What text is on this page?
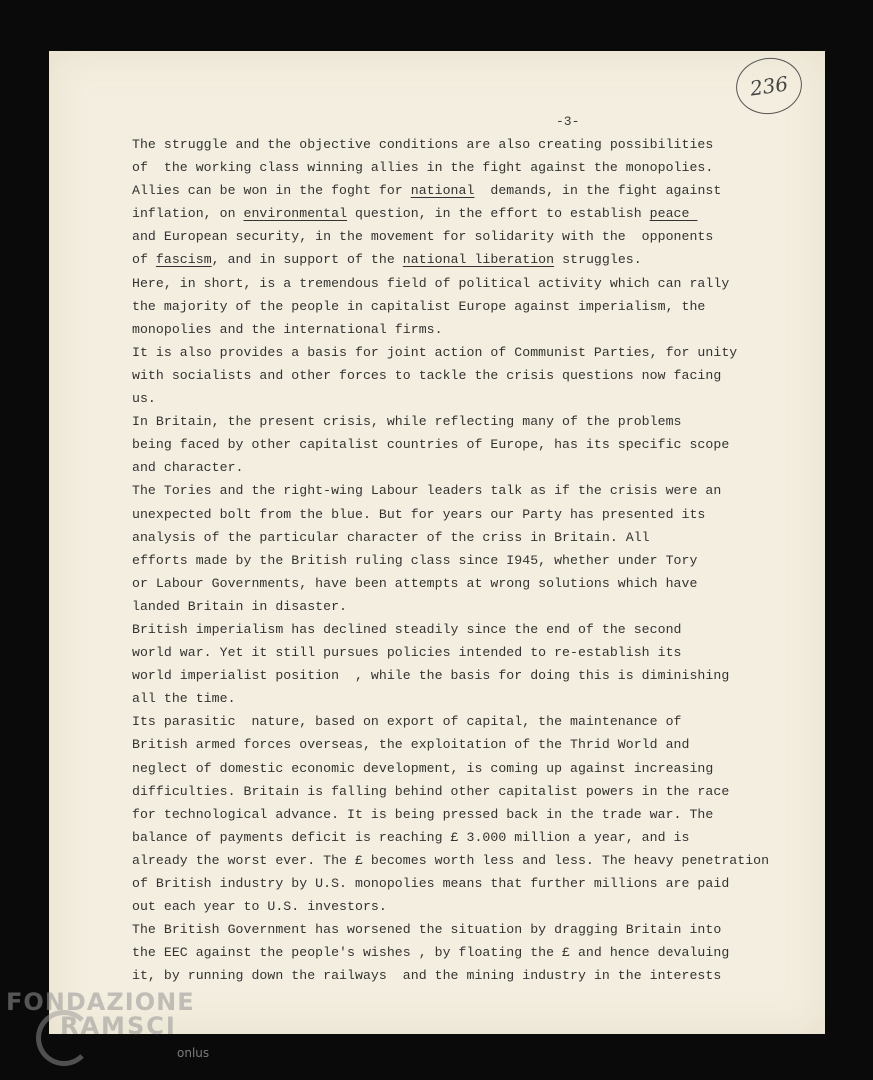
236
-3-
The struggle and the objective conditions are also creating possibilities
of  the working class winning allies in the fight against the monopolies.
Allies can be won in the foght for national  demands, in the fight against
inflation, on environmental question, in the effort to establish peace
and European security, in the movement for solidarity with the  opponents
of fascism, and in support of the national liberation struggles.
Here, in short, is a tremendous field of political activity which can rally
the majority of the people in capitalist Europe against imperialism, the
monopolies and the international firms.
It is also provides a basis for joint action of Communist Parties, for unity
with socialists and other forces to tackle the crisis questions now facing
us.
In Britain, the present crisis, while reflecting many of the problems
being faced by other capitalist countries of Europe, has its specific scope
and character.
The Tories and the right-wing Labour leaders talk as if the crisis were an
unexpected bolt from the blue. But for years our Party has presented its
analysis of the particular character of the criss in Britain. All
efforts made by the British ruling class since I945, whether under Tory
or Labour Governments, have been attempts at wrong solutions which have
landed Britain in disaster.
British imperialism has declined steadily since the end of the second
world war. Yet it still pursues policies intended to re-establish its
world imperialist position  , while the basis for doing this is diminishing
all the time.
Its parasitic  nature, based on export of capital, the maintenance of
British armed forces overseas, the exploitation of the Thrid World and
neglect of domestic economic development, is coming up against increasing
difficulties. Britain is falling behind other capitalist powers in the race
for technological advance. It is being pressed back in the trade war. The
balance of payments deficit is reaching £ 3.000 million a year, and is
already the worst ever. The £ becomes worth less and less. The heavy penetration
of British industry by U.S. monopolies means that further millions are paid
out each year to U.S. investors.
The British Government has worsened the situation by dragging Britain into
the EEC against the people's wishes , by floating the £ and hence devaluing
it, by running down the railways  and the mining industry in the interests
FONDAZIONE
RAMSCI
onlus
